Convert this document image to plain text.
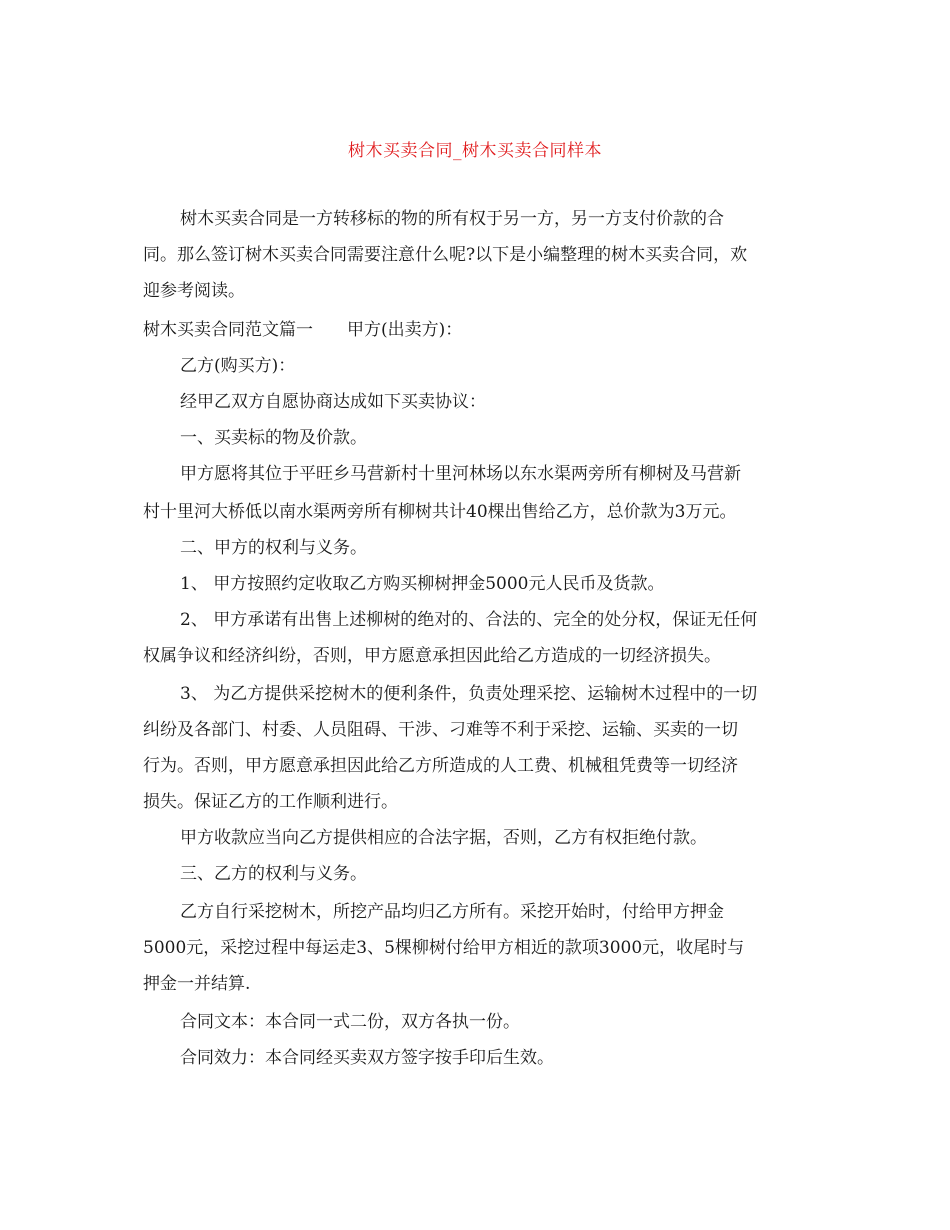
树木买卖合同_树木买卖合同样本
树木买卖合同是一方转移标的物的所有权于另一方，另一方支付价款的合
同。那么签订树木买卖合同需要注意什么呢?以下是小编整理的树木买卖合同，欢
迎参考阅读。
树木买卖合同范文篇一　　甲方(出卖方)：
乙方(购买方)：
经甲乙双方自愿协商达成如下买卖协议：
一、买卖标的物及价款。
甲方愿将其位于平旺乡马营新村十里河林场以东水渠两旁所有柳树及马营新
村十里河大桥低以南水渠两旁所有柳树共计40棵出售给乙方，总价款为3万元。
二、甲方的权利与义务。
1、 甲方按照约定收取乙方购买柳树押金5000元人民币及货款。
2、 甲方承诺有出售上述柳树的绝对的、合法的、完全的处分权，保证无任何
权属争议和经济纠纷，否则，甲方愿意承担因此给乙方造成的一切经济损失。
3、 为乙方提供采挖树木的便利条件，负责处理采挖、运输树木过程中的一切
纠纷及各部门、村委、人员阻碍、干涉、刁难等不利于采挖、运输、买卖的一切
行为。否则，甲方愿意承担因此给乙方所造成的人工费、机械租凭费等一切经济
损失。保证乙方的工作顺利进行。
甲方收款应当向乙方提供相应的合法字据，否则，乙方有权拒绝付款。
三、乙方的权利与义务。
乙方自行采挖树木，所挖产品均归乙方所有。采挖开始时，付给甲方押金
5000元，采挖过程中每运走3、5棵柳树付给甲方相近的款项3000元，收尾时与
押金一并结算.
合同文本：本合同一式二份，双方各执一份。
合同效力：本合同经买卖双方签字按手印后生效。
